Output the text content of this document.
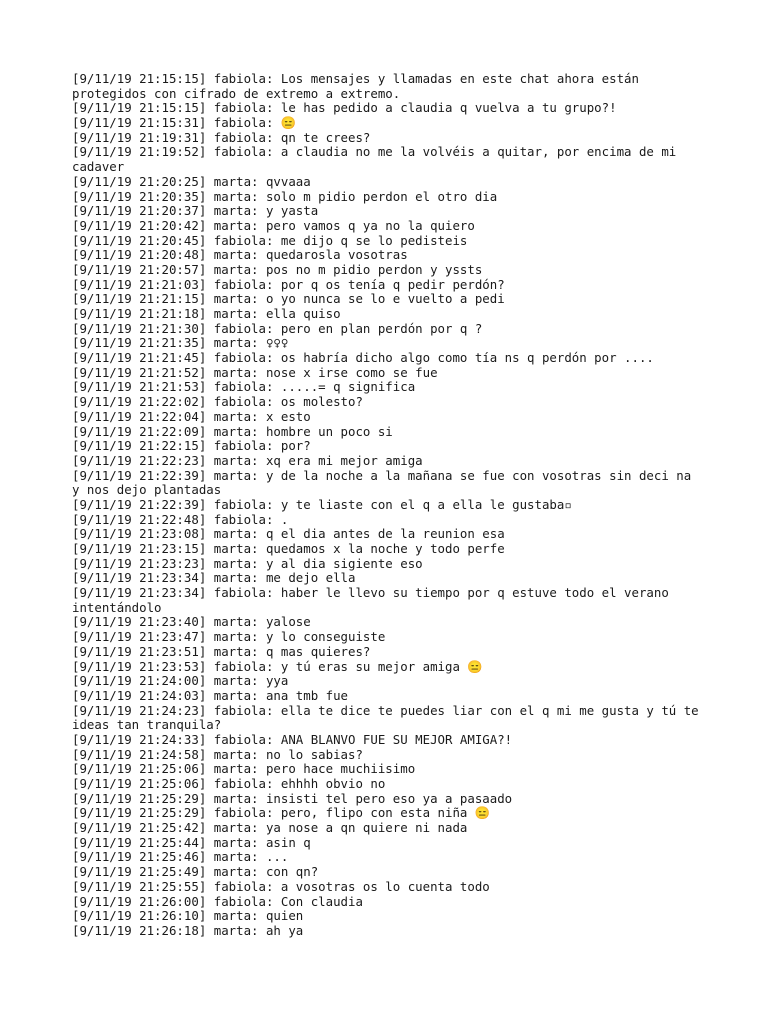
[9/11/19 21:15:15] fabiola: Los mensajes y llamadas en este chat ahora están protegidos con cifrado de extremo a extremo.
[9/11/19 21:15:15] fabiola: le has pedido a claudia q vuelva a tu grupo?!
[9/11/19 21:15:31] fabiola: 😑
[9/11/19 21:19:31] fabiola: qn te crees?
[9/11/19 21:19:52] fabiola: a claudia no me la volvéis a quitar, por encima de mi cadaver
[9/11/19 21:20:25] marta: qvvaaa
[9/11/19 21:20:35] marta: solo m pidio perdon el otro dia
[9/11/19 21:20:37] marta: y yasta
[9/11/19 21:20:42] marta: pero vamos q ya no la quiero
[9/11/19 21:20:45] fabiola: me dijo q se lo pedisteis
[9/11/19 21:20:48] marta: quedarosla vosotras
[9/11/19 21:20:57] marta: pos no m pidio perdon y yssts
[9/11/19 21:21:03] fabiola: por q os tenía q pedir perdón?
[9/11/19 21:21:15] marta: o yo nunca se lo e vuelto a pedi
[9/11/19 21:21:18] marta: ella quiso
[9/11/19 21:21:30] fabiola: pero en plan perdón por q ?
[9/11/19 21:21:35] marta: ♀♀♀
[9/11/19 21:21:45] fabiola: os habría dicho algo como tía ns q perdón por ....
[9/11/19 21:21:52] marta: nose x irse como se fue
[9/11/19 21:21:53] fabiola: .....= q significa
[9/11/19 21:22:02] fabiola: os molesto?
[9/11/19 21:22:04] marta: x esto
[9/11/19 21:22:09] marta: hombre un poco si
[9/11/19 21:22:15] fabiola: por?
[9/11/19 21:22:23] marta: xq era mi mejor amiga
[9/11/19 21:22:39] marta: y de la noche a la mañana se fue con vosotras sin deci na y nos dejo plantadas
[9/11/19 21:22:39] fabiola: y te liaste con el q a ella le gustaba▫
[9/11/19 21:22:48] fabiola: .
[9/11/19 21:23:08] marta: q el dia antes de la reunion esa
[9/11/19 21:23:15] marta: quedamos x la noche y todo perfe
[9/11/19 21:23:23] marta: y al dia sigiente eso
[9/11/19 21:23:34] marta: me dejo ella
[9/11/19 21:23:34] fabiola: haber le llevo su tiempo por q estuve todo el verano intentándolo
[9/11/19 21:23:40] marta: yalose
[9/11/19 21:23:47] marta: y lo conseguiste
[9/11/19 21:23:51] marta: q mas quieres?
[9/11/19 21:23:53] fabiola: y tú eras su mejor amiga 😑
[9/11/19 21:24:00] marta: yya
[9/11/19 21:24:03] marta: ana tmb fue
[9/11/19 21:24:23] fabiola: ella te dice te puedes liar con el q mi me gusta y tú te ideas tan tranquila?
[9/11/19 21:24:33] fabiola: ANA BLANVO FUE SU MEJOR AMIGA?!
[9/11/19 21:24:58] marta: no lo sabias?
[9/11/19 21:25:06] marta: pero hace muchiisimo
[9/11/19 21:25:06] fabiola: ehhhh obvio no
[9/11/19 21:25:29] marta: insisti tel pero eso ya a pasaado
[9/11/19 21:25:29] fabiola: pero, flipo con esta niña 😑
[9/11/19 21:25:42] marta: ya nose a qn quiere ni nada
[9/11/19 21:25:44] marta: asin q
[9/11/19 21:25:46] marta: ...
[9/11/19 21:25:49] marta: con qn?
[9/11/19 21:25:55] fabiola: a vosotras os lo cuenta todo
[9/11/19 21:26:00] fabiola: Con claudia
[9/11/19 21:26:10] marta: quien
[9/11/19 21:26:18] marta: ah ya
